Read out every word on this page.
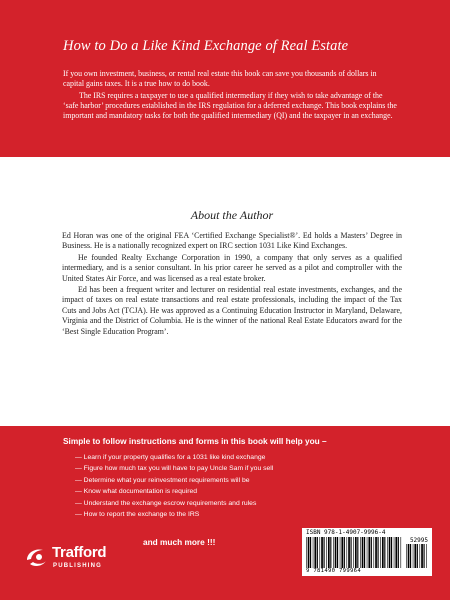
How to Do a Like Kind Exchange of Real Estate

If you own investment, business, or rental real estate this book can save you thousands of dollars in capital gains taxes. It is a true how to do book.

The IRS requires a taxpayer to use a qualified intermediary if they wish to take advantage of the ‘safe harbor’ procedures established in the IRS regulation for a deferred exchange. This book explains the important and mandatory tasks for both the qualified intermediary (QI) and the taxpayer in an exchange.

About the Author

Ed Horan was one of the original FEA ‘Certified Exchange Specialist®’. Ed holds a Masters’ Degree in Business. He is a nationally recognized expert on IRC section 1031 Like Kind Exchanges.

He founded Realty Exchange Corporation in 1990, a company that only serves as a qualified intermediary, and is a senior consultant. In his prior career he served as a pilot and comptroller with the United States Air Force, and was licensed as a real estate broker.

Ed has been a frequent writer and lecturer on residential real estate investments, exchanges, and the impact of taxes on real estate transactions and real estate professionals, including the impact of the Tax Cuts and Jobs Act (TCJA). He was approved as a Continuing Education Instructor in Maryland, Delaware, Virginia and the District of Columbia. He is the winner of the national Real Estate Educators award for the ‘Best Single Education Program’.

Simple to follow instructions and forms in this book will help you –
— Learn if your property qualifies for a 1031 like kind exchange
— Figure how much tax you will have to pay Uncle Sam if you sell
— Determine what your reinvestment requirements will be
— Know what documentation is required
— Understand the exchange escrow requirements and rules
— How to report the exchange to the IRS
and much more !!!
Trafford
PUBLISHING
ISBN 978-1-4907-9996-4
52995
9 781490 799964
